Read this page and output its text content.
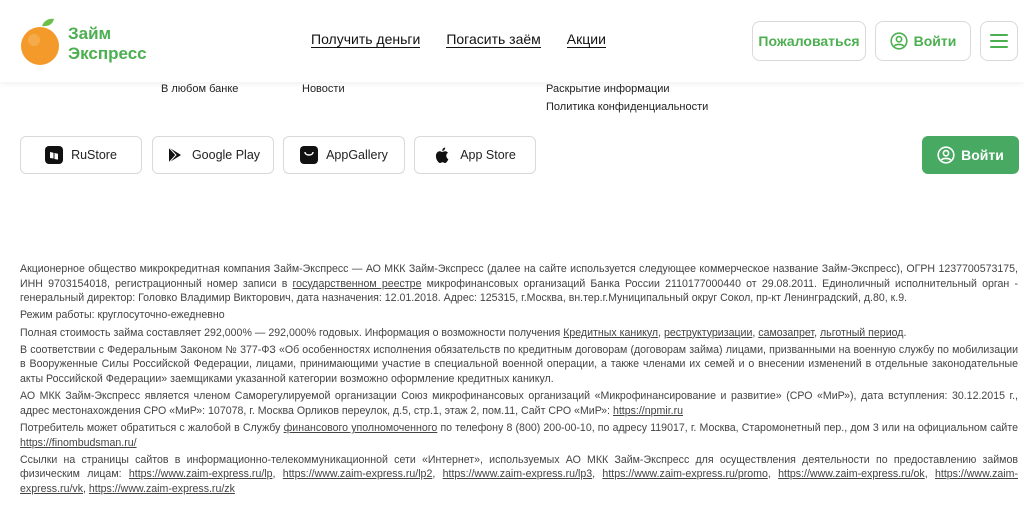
Займ
Экспресс
Получить деньги Погасить заём Акции	Пожаловаться	Войти
В любом банке	Новости	Раскрытие информации
Политика конфиденциальности
RuStore	Google Play	AppGallery	App Store	Войти

Акционерное общество микрокредитная компания Займ-Экспресс — АО МКК Займ-Экспресс (далее на сайте используется следующее коммерческое название Займ-Экспресс), ОГРН 1237700573175, ИНН 9703154018, регистрационный номер записи в государственном реестре микрофинансовых организаций Банка России 2110177000440 от 29.08.2011. Единоличный исполнительный орган - генеральный директор: Головко Владимир Викторович, дата назначения: 12.01.2018. Адрес: 125315, г.Москва, вн.тер.г.Муниципальный округ Сокол, пр-кт Ленинградский, д.80, к.9.

Режим работы: круглосуточно-ежедневно

Полная стоимость займа составляет 292,000% — 292,000% годовых. Информация о возможности получения Кредитных каникул, реструктуризации, самозапрет, льготный период.

В соответствии с Федеральным Законом № 377-ФЗ «Об особенностях исполнения обязательств по кредитным договорам (договорам займа) лицами, призванными на военную службу по мобилизации в Вооруженные Силы Российской Федерации, лицами, принимающими участие в специальной военной операции, а также членами их семей и о внесении изменений в отдельные законодательные акты Российской Федерации» заемщиками указанной категории возможно оформление кредитных каникул.

АО МКК Займ-Экспресс является членом Саморегулируемой организации Союз микрофинансовых организаций «Микрофинансирование и развитие» (СРО «МиР»), дата вступления: 30.12.2015 г., адрес местонахождения СРО «МиР»: 107078, г. Москва Орликов переулок, д.5, стр.1, этаж 2, пом.11, Сайт СРО «МиР»: https://npmir.ru

Потребитель может обратиться с жалобой в Службу финансового уполномоченного по телефону 8 (800) 200-00-10, по адресу 119017, г. Москва, Старомонетный пер., дом 3 или на официальном сайте https://finombudsman.ru/

Ссылки на страницы сайтов в информационно-телекоммуникационной сети «Интернет», используемых АО МКК Займ-Экспресс для осуществления деятельности по предоставлению займов физическим лицам: https://www.zaim-express.ru/lp, https://www.zaim-express.ru/lp2, https://www.zaim-express.ru/lp3, https://www.zaim-express.ru/promo, https://www.zaim-express.ru/ok, https://www.zaim-express.ru/vk, https://www.zaim-express.ru/zk
